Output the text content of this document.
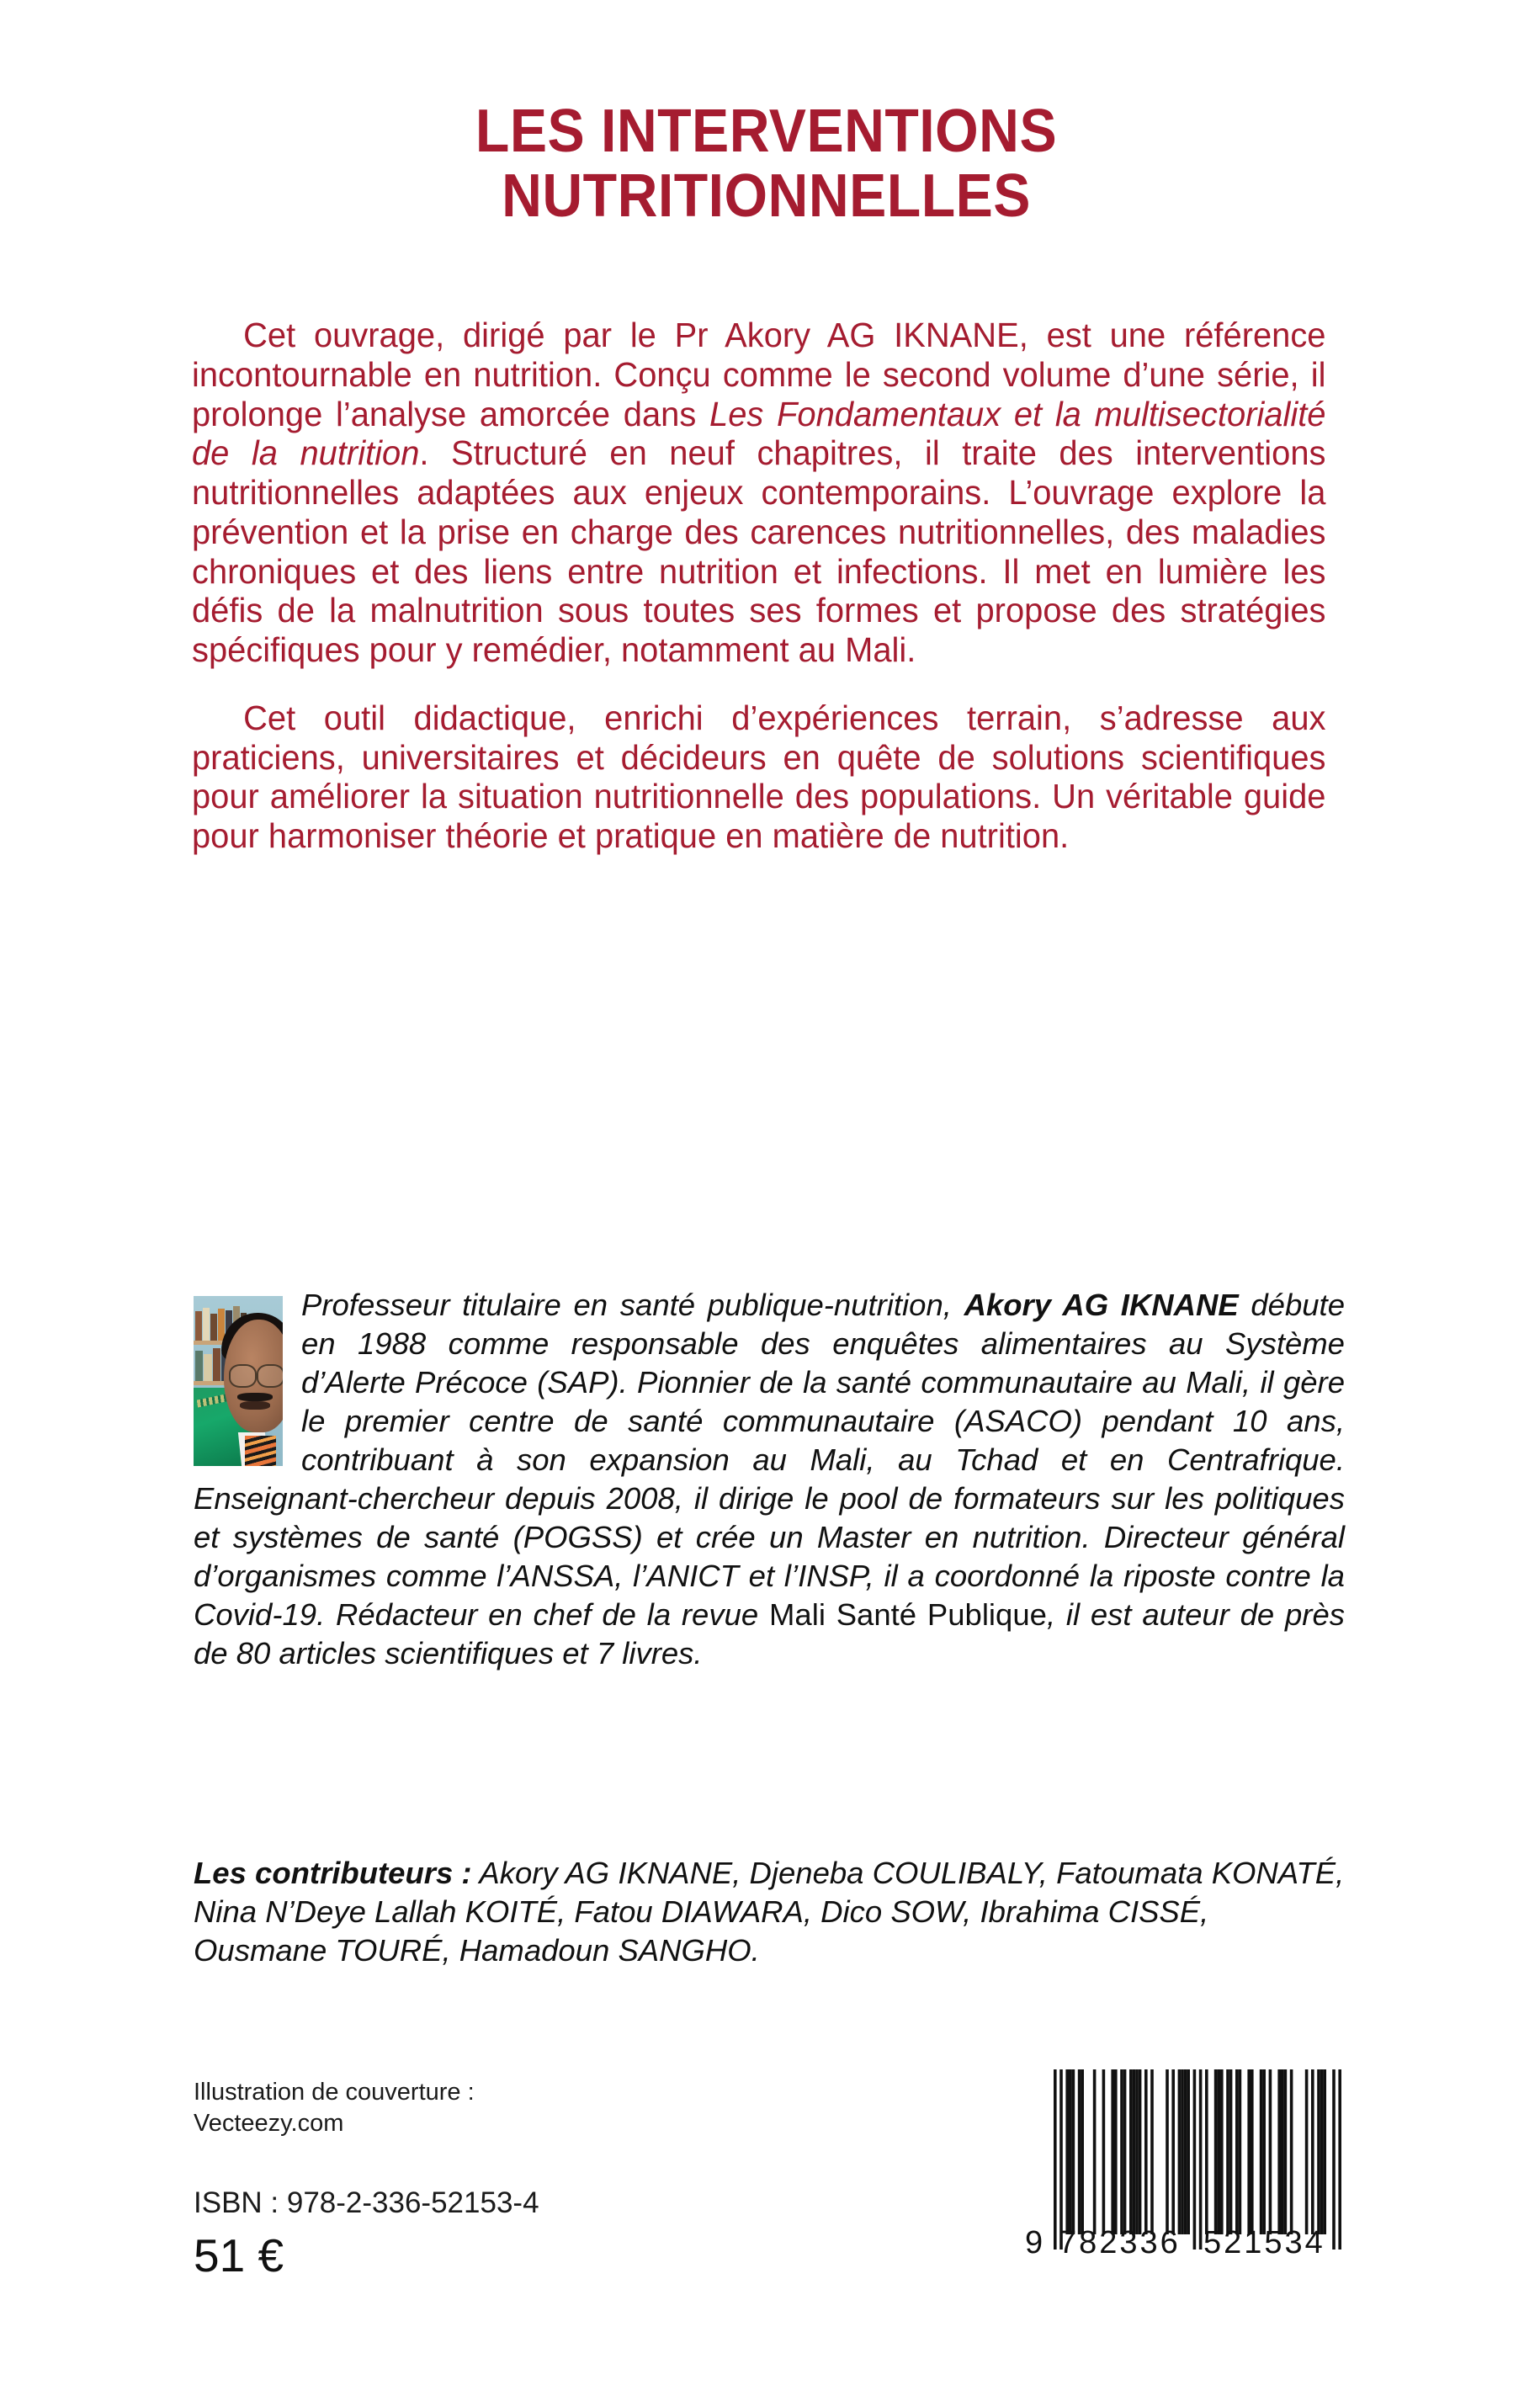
LES INTERVENTIONS
NUTRITIONNELLES

Cet ouvrage, dirigé par le Pr Akory AG IKNANE, est une référence incontournable en nutrition. Conçu comme le second volume d’une série, il prolonge l’analyse amorcée dans Les Fondamentaux et la multisectorialité de la nutrition. Structuré en neuf chapitres, il traite des interventions nutritionnelles adaptées aux enjeux contemporains. L’ouvrage explore la prévention et la prise en charge des carences nutritionnelles, des maladies chroniques et des liens entre nutrition et infections. Il met en lumière les défis de la malnutrition sous toutes ses formes et propose des stratégies spécifiques pour y remédier, notamment au Mali.

Cet outil didactique, enrichi d’expériences terrain, s’adresse aux praticiens, universitaires et décideurs en quête de solutions scientifiques pour améliorer la situation nutritionnelle des populations. Un véritable guide pour harmoniser théorie et pratique en matière de nutrition.

Professeur titulaire en santé publique-nutrition, Akory AG IKNANE débute en 1988 comme responsable des enquêtes alimentaires au Système d’Alerte Précoce (SAP). Pionnier de la santé communautaire au Mali, il gère le premier centre de santé communautaire (ASACO) pendant 10 ans, contribuant à son expansion au Mali, au Tchad et en Centrafrique. Enseignant-chercheur depuis 2008, il dirige le pool de formateurs sur les politiques et systèmes de santé (POGSS) et crée un Master en nutrition. Directeur général d’organismes comme l’ANSSA, l’ANICT et l’INSP, il a coordonné la riposte contre la Covid-19. Rédacteur en chef de la revue Mali Santé Publique, il est auteur de près de 80 articles scientifiques et 7 livres.

Les contributeurs : Akory AG IKNANE, Djeneba COULIBALY, Fatoumata KONATÉ, Nina N’Deye Lallah KOITÉ, Fatou DIAWARA, Dico SOW, Ibrahima CISSÉ, Ousmane TOURÉ, Hamadoun SANGHO.

Illustration de couverture :
Vecteezy.com

ISBN : 978-2-336-52153-4

51 €	9 782336 521534
